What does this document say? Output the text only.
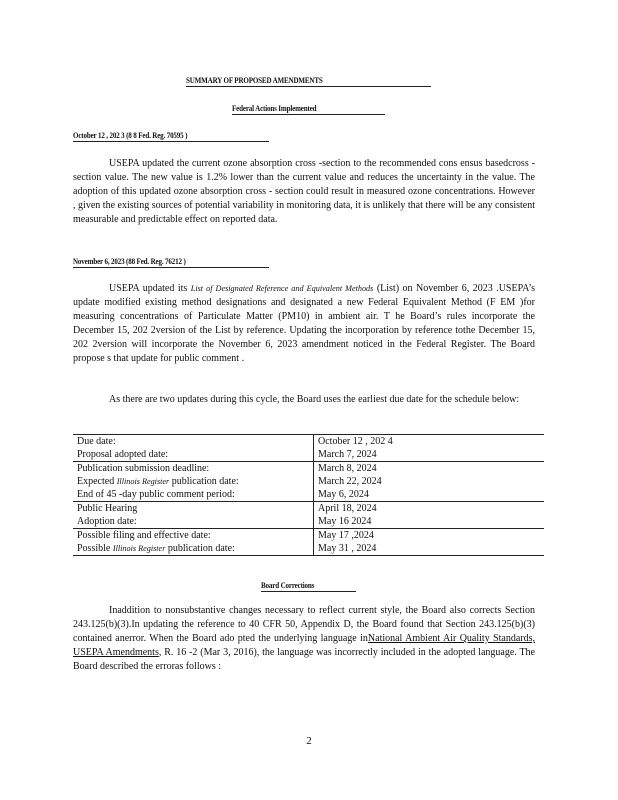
SUMMARY OF PROPOSED AMENDMENTS
Federal Actions Implemented
October 12 , 202 3 (8 8 Fed. Reg. 70595 )
USEPA updated the current ozone absorption cross -section to the recommended cons ensus basedcross - section value. The new value is 1.2% lower than the current value and reduces the uncertainty in the value. The adoption of this updated ozone absorption cross - section could result in measured ozone concentrations. However , given the existing sources of potential variability in monitoring data, it is unlikely that there will be any consistent measurable and predictable effect on reported data.
November 6, 2023 (88 Fed. Reg. 76212 )
USEPA updated its List of Designated Reference and Equivalent Methods (List) on November 6, 2023 .USEPA’s update modified existing method designations and designated a new Federal Equivalent Method (F EM )for measuring concentrations of Particulate Matter (PM10) in ambient air. T he Board’s rules incorporate the December 15, 202 2version of the List by reference. Updating the incorporation by reference tothe December 15, 202 2version will incorporate the November 6, 2023 amendment noticed in the Federal Register. The Board propose s that update for public comment .
As there are two updates during this cycle, the Board uses the earliest due date for the schedule below:
Due date:	October 12 , 202 4
Proposal adopted date:	March 7, 2024
Publication submission deadline:	March 8, 2024
Expected Illinois Register publication date:	March 22, 2024
End of 45 -day public comment period:	May 6, 2024
Public Hearing	April 18, 2024
Adoption date:	May 16 2024
Possible filing and effective date:	May 17 ,2024
Possible Illinois Register publication date:	May 31 , 2024
Board Corrections
Inaddition to nonsubstantive changes necessary to reflect current style, the Board also corrects Section 243.125(b)(3).In updating the reference to 40 CFR 50, Appendix D, the Board found that Section 243.125(b)(3) contained anerror. When the Board ado pted the underlying language inNational Ambient Air Quality Standards, USEPA Amendments, R. 16 -2 (Mar 3, 2016), the language was incorrectly included in the adopted language. The Board described the erroras follows :
2
